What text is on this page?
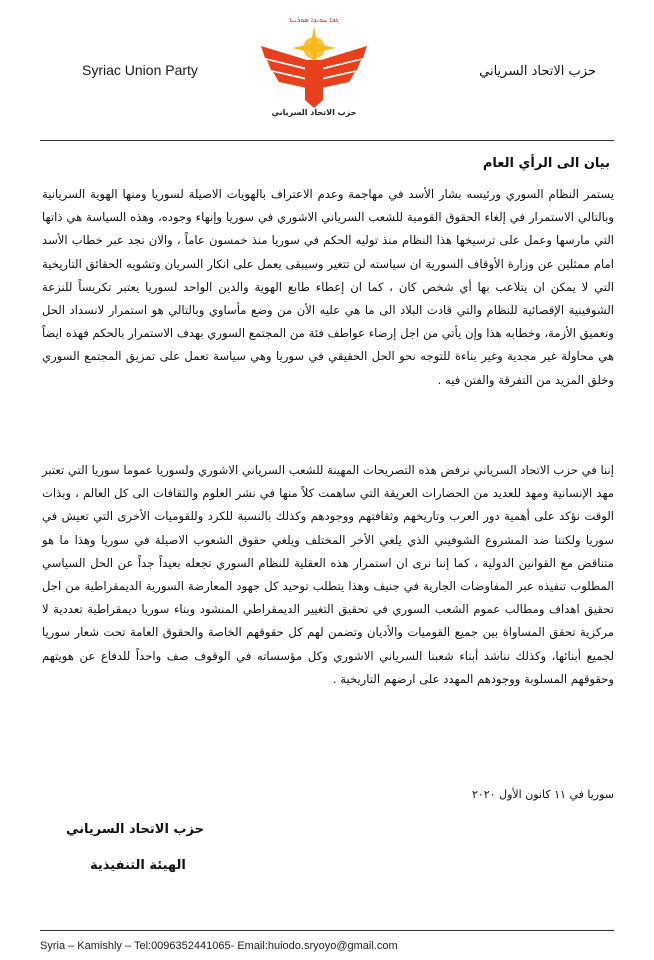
Syriac Union Party	حزب الاتحاد السرياني
ܓܒܐ ܚܘܝܕܐ ܣܘܪܝܝܐ
حزب الاتحاد السرياني
بيان الى الرأي العام

يستمر النظام السوري ورئيسه بشار الأسد في مهاجمة وعدم الاعتراف بالهويات الاصيلة لسوريا ومنها الهوية السريانية وبالتالي الاستمرار في إلغاء الحقوق القومية للشعب السرياني الاشوري في سوريا وإنهاء وجوده، وهذه السياسة هي ذاتها التي مارسها وعمل على ترسيخها هذا النظام منذ توليه الحكم في سوريا منذ خمسون عاماً ، والان نجد عبر خطاب الأسد امام ممثلين عن وزارة الأوقاف السورية ان سياسته لن تتغير وسيبقى يعمل على انكار السريان وتشويه الحقائق التاريخية التي لا يمكن ان يتلاعب بها أي شخص كان ، كما ان إعطاء طابع الهوية والدين الواحد لسوريا يعتبر تكريساً للنزعة الشوفينية الإقصائية للنظام والتي قادت البلاد الى ما هي عليه الأن من وضع مأساوي وبالتالي هو استمرار لانسداد الحل وتعميق الأزمة، وخطابه هذا وإن يأتي من اجل إرضاء عواطف فئة من المجتمع السوري بهدف الاستمرار بالحكم فهذه ايضاً هي محاولة غير مجدية وغير بناءة للتوجه نحو الحل الحقيقي في سوريا وهي سياسة تعمل على تمزيق المجتمع السوري وخلق المزيد من التفرقة والفتن فيه .

إننا في حزب الاتحاد السرياني نرفض هذه التصريحات المهينة للشعب السرياني الاشوري ولسوريا عموما سوريا التي تعتبر مهد الإنسانية ومهد للعديد من الحضارات العريقة التي ساهمت كلاً منها في نشر العلوم والثقافات الى كل العالم ، وبذات الوقت نؤكد على أهمية دور العرب وتاريخهم وثقافتهم ووجودهم وكذلك بالنسبة للكرد وللقوميات الأخرى التي تعيش في سوريا ولكننا ضد المشروع الشوفيني الذي يلغي الأخر المختلف ويلغي حقوق الشعوب الاصيلة في سوريا وهذا ما هو متناقض مع القوانين الدولية ، كما إننا نرى ان استمرار هذه العقلية للنظام السوري تجعله بعيداً جداً عن الحل السياسي المطلوب تنفيذه عبر المفاوضات الجارية في جنيف وهذا يتطلب توحيد كل جهود المعارضة السورية الديمقراطية من اجل تحقيق اهداف ومطالب عموم الشعب السوري في تحقيق التغيير الديمقراطي المنشود وبناء سوريا ديمقراطية تعددية لا مركزية تحقق المساواة بين جميع القوميات والأديان وتضمن لهم كل حقوقهم الخاصة والحقوق العامة تحت شعار سوريا لجميع أبنائها، وكذلك نناشد أبناء شعبنا السرياني الاشوري وكل مؤسساته في الوقوف صف واحداً للدفاع عن هويتهم وحقوقهم المسلوبة ووجودهم المهدد على ارضهم التاريخية .

سوريا في ١١ كانون الأول ٢٠٢٠
حزب الاتحاد السرياني
الهيئة التنفيذية
Syria – Kamishly – Tel:0096352441065- Email:huiodo.sryoyo@gmail.com
